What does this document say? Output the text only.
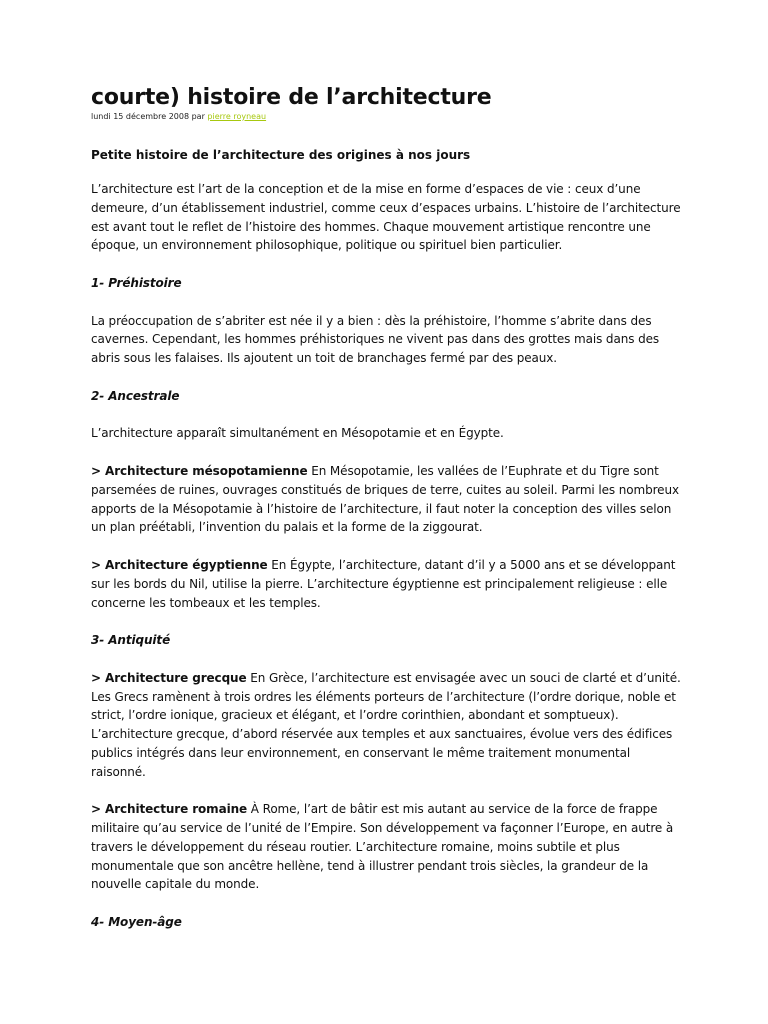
courte) histoire de l’architecture
lundi 15 décembre 2008 par pierre royneau
Petite histoire de l’architecture des origines à nos jours

L’architecture est l’art de la conception et de la mise en forme d’espaces de vie : ceux d’une demeure, d’un établissement industriel, comme ceux d’espaces urbains. L’histoire de l’architecture est avant tout le reflet de l’histoire des hommes. Chaque mouvement artistique rencontre une époque, un environnement philosophique, politique ou spirituel bien particulier.

1- Préhistoire

La préoccupation de s’abriter est née il y a bien : dès la préhistoire, l’homme s’abrite dans des cavernes. Cependant, les hommes préhistoriques ne vivent pas dans des grottes mais dans des abris sous les falaises. Ils ajoutent un toit de branchages fermé par des peaux.

2- Ancestrale

L’architecture apparaît simultanément en Mésopotamie et en Égypte.

> Architecture mésopotamienne En Mésopotamie, les vallées de l’Euphrate et du Tigre sont parsemées de ruines, ouvrages constitués de briques de terre, cuites au soleil. Parmi les nombreux apports de la Mésopotamie à l’histoire de l’architecture, il faut noter la conception des villes selon un plan préétabli, l’invention du palais et la forme de la ziggourat.

> Architecture égyptienne En Égypte, l’architecture, datant d’il y a 5000 ans et se développant sur les bords du Nil, utilise la pierre. L’architecture égyptienne est principalement religieuse : elle concerne les tombeaux et les temples.

3- Antiquité

> Architecture grecque En Grèce, l’architecture est envisagée avec un souci de clarté et d’unité. Les Grecs ramènent à trois ordres les éléments porteurs de l’architecture (l’ordre dorique, noble et strict, l’ordre ionique, gracieux et élégant, et l’ordre corinthien, abondant et somptueux). L’architecture grecque, d’abord réservée aux temples et aux sanctuaires, évolue vers des édifices publics intégrés dans leur environnement, en conservant le même traitement monumental raisonné.

> Architecture romaine À Rome, l’art de bâtir est mis autant au service de la force de frappe militaire qu’au service de l’unité de l’Empire. Son développement va façonner l’Europe, en autre à travers le développement du réseau routier. L’architecture romaine, moins subtile et plus monumentale que son ancêtre hellène, tend à illustrer pendant trois siècles, la grandeur de la nouvelle capitale du monde.

4- Moyen-âge
